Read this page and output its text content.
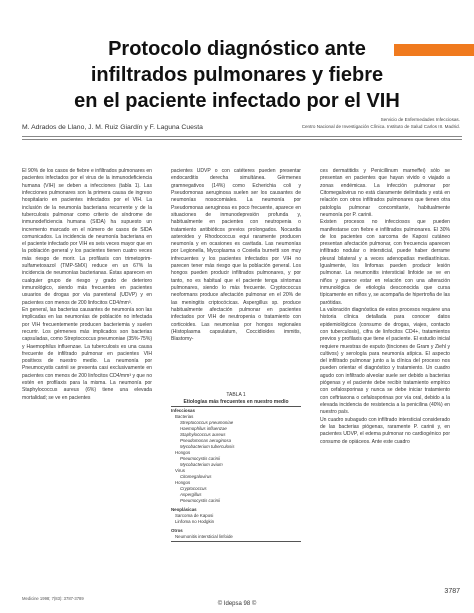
Protocolo diagnóstico ante
infiltrados pulmonares y fiebre
en el paciente infectado por el VIH
Servicio de Enfermedades Infecciosas.
Centro Nacional de Investigación Clínica. Instituto de Salud Carlos III. Madrid.
M. Adrados de Llano, J. M. Ruiz Giardín y F. Laguna Cuesta

El 90% de los casos de fiebre e infiltrados pulmonares en pacientes infectados por el virus de la inmunodeficiencia humana (VIH) se deben a infecciones (tabla 1). Las infecciones pulmonares son la primera causa de ingreso hospitalario en pacientes infectados por el VIH. La inclusión de la neumonía bacteriana recurrente y de la tuberculosis pulmonar como criterio de síndrome de inmunodeficiencia humana (SIDA) ha supuesto un incremento marcado en el número de casos de SIDA comunicados. La incidencia de neumonía bacteriana en el paciente infectado por VIH es seis veces mayor que en la población general y los pacientes tienen cuatro veces más riesgo de morir. La profilaxis con trimetoprim-sulfametoxazol (TMP-SMX) reduce en un 67% la incidencia de neumonías bacterianas. Éstas aparecen en cualquier grupo de riesgo y grado de deterioro inmunológico, siendo más frecuentes en pacientes usuarios de drogas por vía parenteral (UDVP) y en pacientes con menos de 200 linfocitos CD4/mm³.

En general, las bacterias causantes de neumonía son las implicadas en las neumonías de población no infectada por VIH frecuentemente producen bacteriemia y suelen recurrir. Los gérmenes más implicados son bacterias capsuladas, como Streptococcus pneumoniae (35%-75%) y Haemophilus influenzae. La tuberculosis es una causa frecuente de infiltrado pulmonar en pacientes VIH positivos de nuestro medio. La neumonía por Pneumocystis carinii se presenta casi exclusivamente en pacientes con menos de 200 linfocitos CD4/mm³ y que no estén en profilaxis para la misma. La neumonía por Staphylococcus aureus (6%) tiene una elevada mortalidad; se ve en pacientes

pacientes UDVP o con catéteres pueden presentar endocarditis derecha simultánea. Gérmenes gramnegativos (14%) como Echerichia coli y Pseudomonas aeruginosa suelen ser los causantes de neumonías nosocomiales. La neumonía por Pseudomonas aeruginosa es poco frecuente, aparece en situaciones de inmunodepresión profunda y, habitualmente en pacientes con neutropenia o tratamiento antibióticos previos prolongados. Nocardia asteroides y Rhodococcus equi raramente producen neumonía y en ocasiones es cavitada. Las neumonías por Legionella, Mycoplasma o Coxiella burnetti son muy infrecuentes y los pacientes infectados por VIH no parecen tener más riesgo que la población general. Los hongos pueden producir infiltrados pulmonares, y por tanto, no es habitual que el paciente tenga síntomas pulmonares, siendo lo más frecuente. Cryptococcus neoformans produce afectación pulmonar en el 20% de las meningitis criptocócicas. Aspergillus sp. produce habitualmente afectación pulmonar en pacientes infectados por VIH de neutropenia o tratamiento con corticoides. Las neumonías por hongos regionales (Histoplasma capsulatum, Coccidioides immitis, Blastomy-

TABLA 1
Etiologías más frecuentes en nuestro medio
Infecciosas
Bacterias
Streptococcus pneumoniae
Haemophilus influenzae
Staphylococcus aureus
Pseudomonas aeruginosa
Mycobacterium tuberculosis
Hongos
Pneumocystis carinii
Mycobacterium avium
Virus
Citomegalovirus
Hongos
Cryptococcus
Aspergillus
Pneumocystis carinii
Neoplásicas
Sarcoma de Kaposi
Linfoma no Hodgkin
Otros
Neumonitis intersticial linfoide

ces dermatitidis y Penicillinum marneffei) sólo se presentan en pacientes que hayan vivido o viajado a zonas endémicas. La infección pulmonar por Citomegalovirus no está claramente delimitada y está en relación con otros infiltrados pulmonares que tienen otra patología pulmonar concomitante, habitualmente neumonía por P. carinii.

Existen procesos no infecciosos que pueden manifestarse con fiebre e infiltrados pulmonares. El 30% de los pacientes con sarcoma de Kaposi cutáneo presentan afectación pulmonar, con frecuencia aparecen infiltrado nodular o intersticial, puede haber derrame pleural bilateral y a veces adenopatías mediastínicas. Igualmente, los linfomas pueden producir lesión pulmonar. La neumonitis intersticial linfoide se ve en niños y parece estar en relación con una alteración inmunológica de etiología desconocida que cursa típicamente en niños y, se acompaña de hipertrofia de las parótidas.

La valoración diagnóstica de estos procesos requiere una historia clínica detallada para conocer datos epidemiológicos (consumo de drogas, viajes, contacto con tuberculosis), cifra de linfocitos CD4+, tratamientos previos y profilaxis que tiene el paciente. El estudio inicial requiere muestras de esputo (tinciones de Gram y Ziehl y cultivos) y serología para neumonía atípica. El aspecto del infiltrado pulmonar junto a la clínica del proceso nos pueden orientar el diagnóstico y tratamiento. Un cuadro agudo con infiltrado alveolar suele ser debido a bacterias piógenas y el paciente debe recibir tratamiento empírico con cefalosporinas y nunca se debe iniciar tratamiento con ceftriaxona o cefalosporinas por vía oral, debido a la elevada incidencia de resistencia a la penicilina (40%) en nuestro país.

Un cuadro subagudo con infiltrado intersticial considerado de las bacterias piógenas, raramente P. carinii y, en pacientes UDVP, el edema pulmonar no cardiogénico por consumo de opiáceos. Ante este cuadro

Medicine 1998; 7(83): 3787-3789
3787
© Idepsa 98 ©
